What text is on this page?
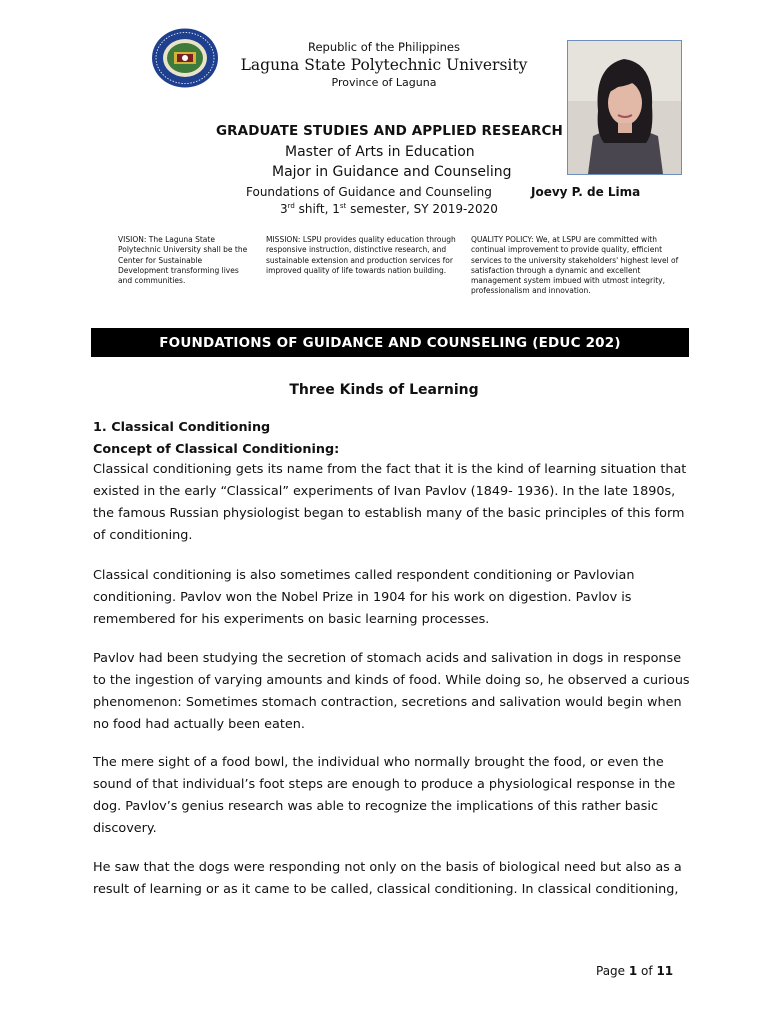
Republic of the Philippines
Laguna State Polytechnic University
Province of Laguna
GRADUATE STUDIES AND APPLIED RESEARCH
Master of Arts in Education
Major in Guidance and Counseling
Foundations of Guidance and Counseling	Joevy P. de Lima
3rd shift, 1st semester, SY 2019-2020
VISION: The Laguna State Polytechnic University shall be the Center for Sustainable Development transforming lives and communities.
MISSION: LSPU provides quality education through responsive instruction, distinctive research, and sustainable extension and production services for improved quality of life towards nation building.
QUALITY POLICY: We, at LSPU are committed with continual improvement to provide quality, efficient services to the university stakeholders' highest level of satisfaction through a dynamic and excellent management system imbued with utmost integrity, professionalism and innovation.
FOUNDATIONS OF GUIDANCE AND COUNSELING (EDUC 202)
Three Kinds of Learning
1. Classical Conditioning
Concept of Classical Conditioning:

Classical conditioning gets its name from the fact that it is the kind of learning situation that existed in the early “Classical” experiments of Ivan Pavlov (1849- 1936). In the late 1890s, the famous Russian physiologist began to establish many of the basic principles of this form of conditioning.

Classical conditioning is also sometimes called respondent conditioning or Pavlovian conditioning. Pavlov won the Nobel Prize in 1904 for his work on digestion. Pavlov is remembered for his experiments on basic learning processes.

Pavlov had been studying the secretion of stomach acids and salivation in dogs in response to the ingestion of varying amounts and kinds of food. While doing so, he observed a curious phenomenon: Sometimes stomach contraction, secretions and salivation would begin when no food had actually been eaten.

The mere sight of a food bowl, the individual who normally brought the food, or even the sound of that individual’s foot steps are enough to produce a physiological response in the dog. Pavlov’s genius research was able to recognize the implications of this rather basic discovery.

He saw that the dogs were responding not only on the basis of biological need but also as a result of learning or as it came to be called, classical conditioning. In classical conditioning,

Page 1 of 11
